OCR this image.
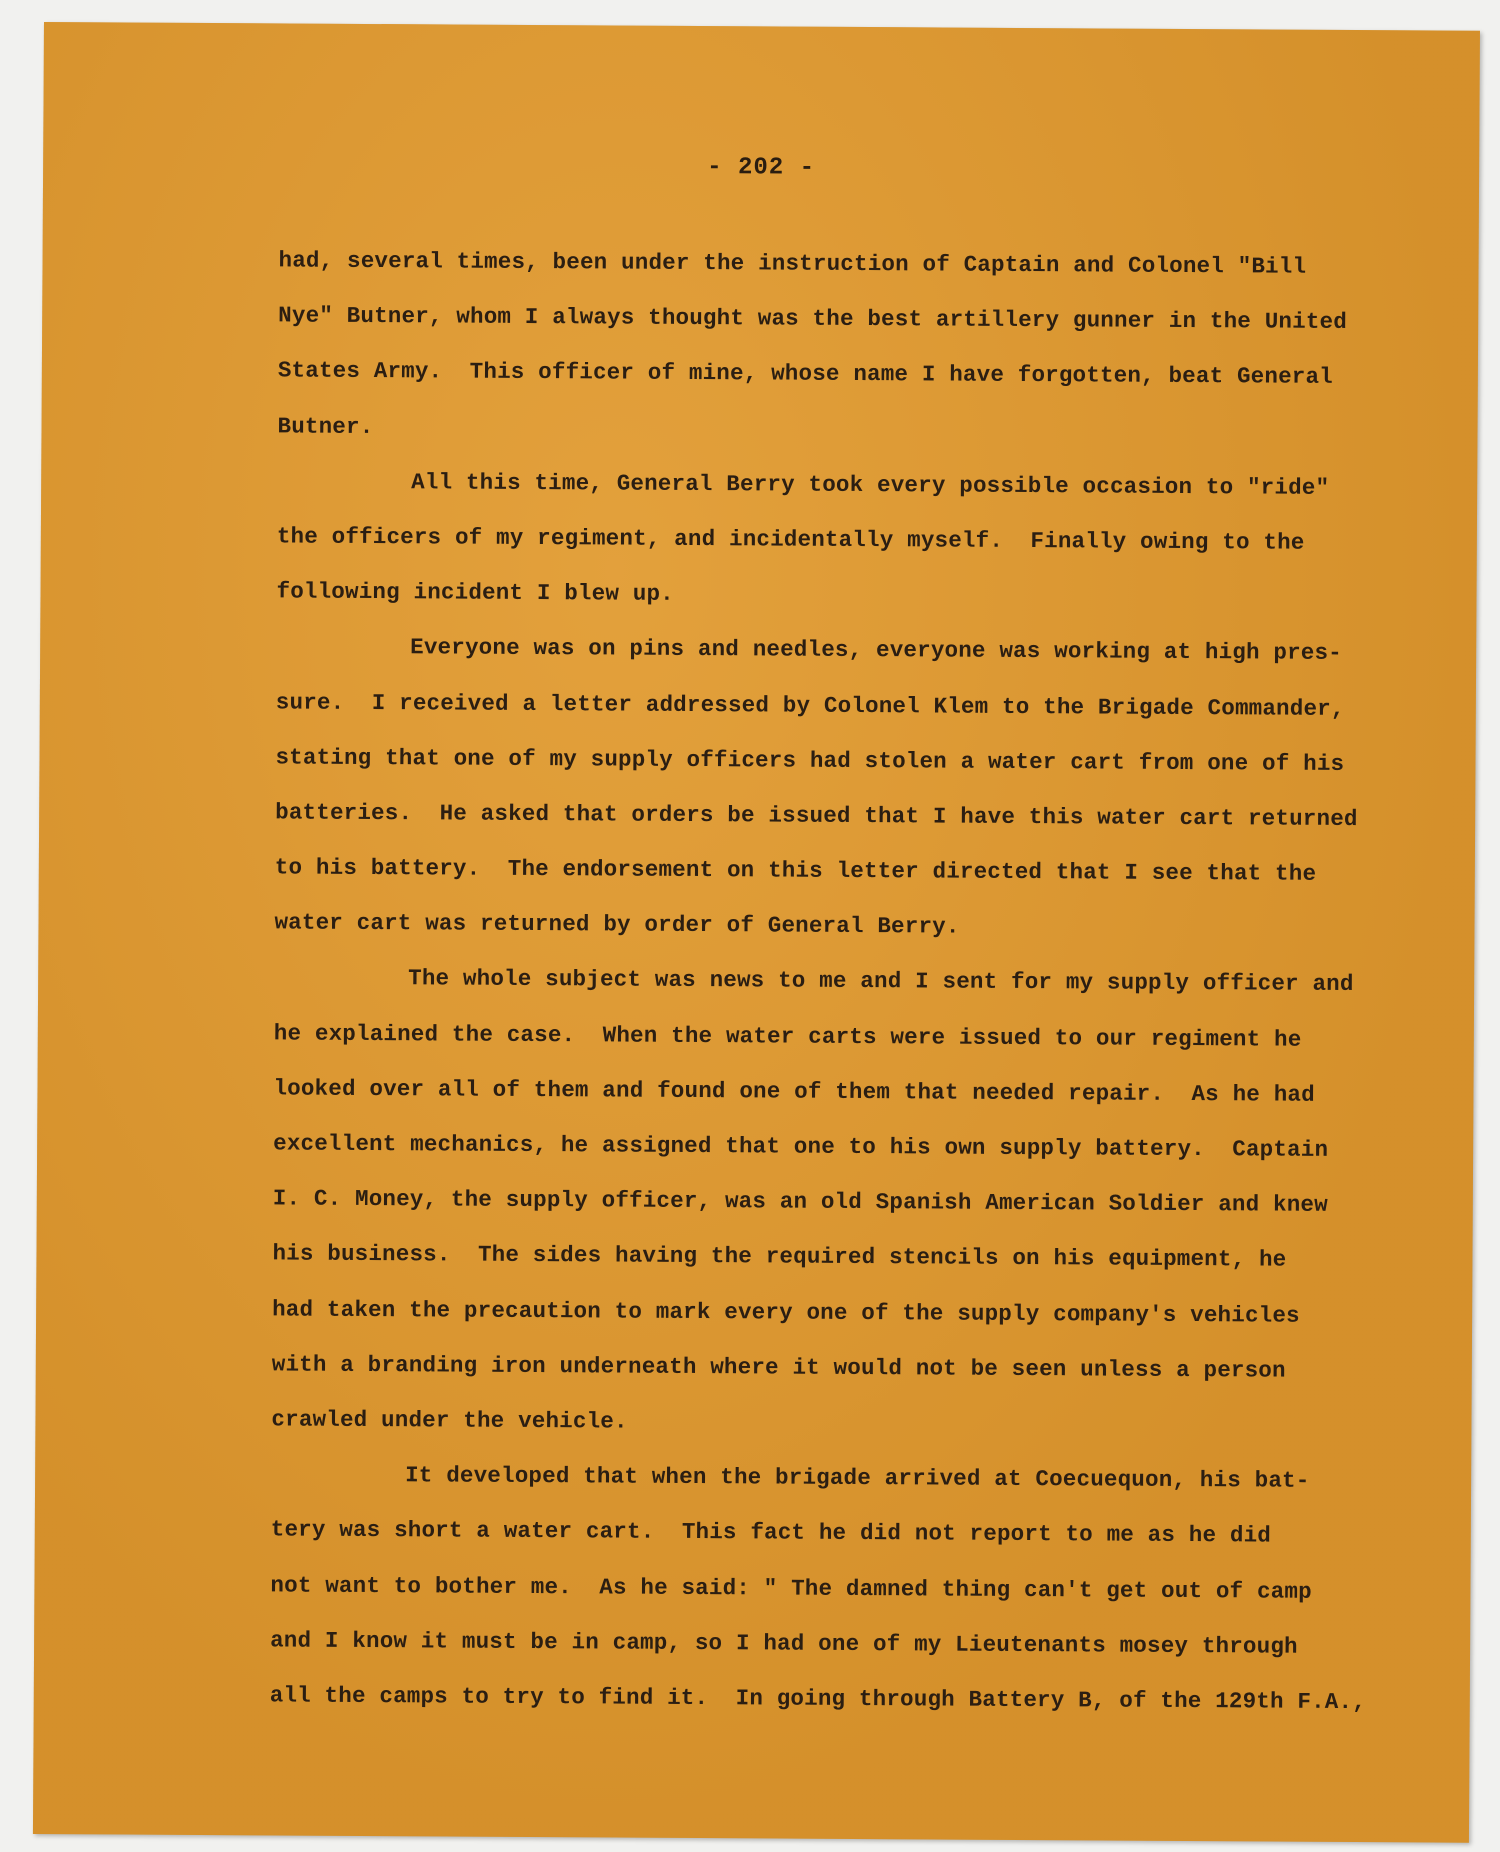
- 202 -
had, several times, been under the instruction of Captain and Colonel "Bill
Nye" Butner, whom I always thought was the best artillery gunner in the United
States Army.  This officer of mine, whose name I have forgotten, beat General
Butner.
All this time, General Berry took every possible occasion to "ride"
the officers of my regiment, and incidentally myself.  Finally owing to the
following incident I blew up.
Everyone was on pins and needles, everyone was working at high pres-
sure.  I received a letter addressed by Colonel Klem to the Brigade Commander,
stating that one of my supply officers had stolen a water cart from one of his
batteries.  He asked that orders be issued that I have this water cart returned
to his battery.  The endorsement on this letter directed that I see that the
water cart was returned by order of General Berry.
The whole subject was news to me and I sent for my supply officer and
he explained the case.  When the water carts were issued to our regiment he
looked over all of them and found one of them that needed repair.  As he had
excellent mechanics, he assigned that one to his own supply battery.  Captain
I. C. Money, the supply officer, was an old Spanish American Soldier and knew
his business.  The sides having the required stencils on his equipment, he
had taken the precaution to mark every one of the supply company's vehicles
with a branding iron underneath where it would not be seen unless a person
crawled under the vehicle.
It developed that when the brigade arrived at Coecuequon, his bat-
tery was short a water cart.  This fact he did not report to me as he did
not want to bother me.  As he said: " The damned thing can't get out of camp
and I know it must be in camp, so I had one of my Lieutenants mosey through
all the camps to try to find it.  In going through Battery B, of the 129th F.A.,
